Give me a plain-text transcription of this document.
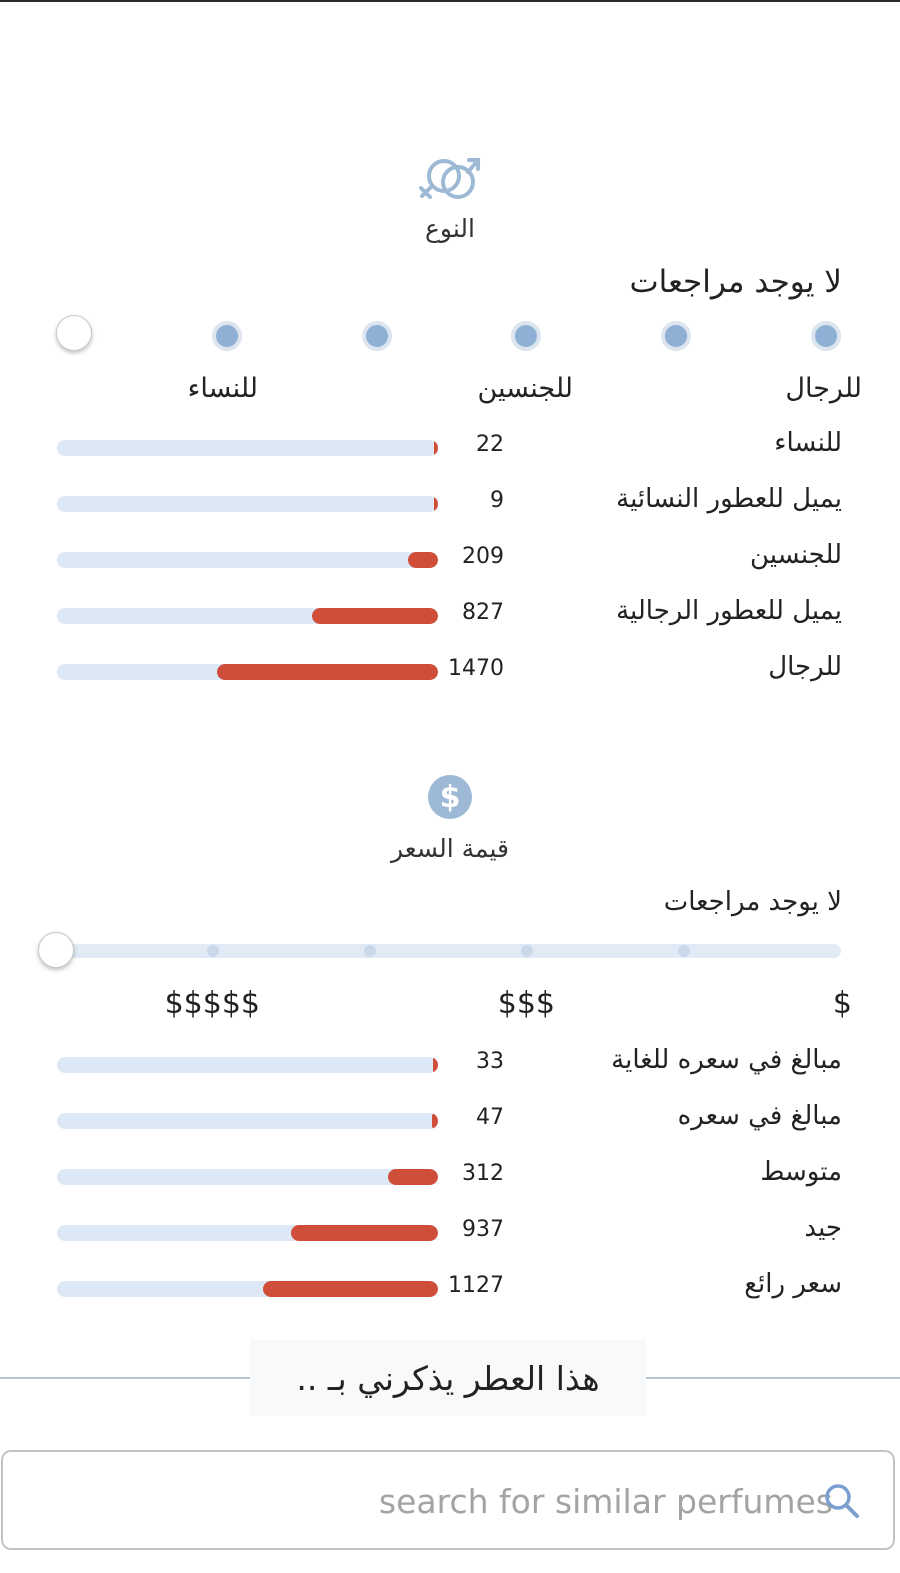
النوع
لا يوجد مراجعات
للرجال
للجنسين
للنساء
22	للنساء
9	يميل للعطور النسائية
209	للجنسين
827	يميل للعطور الرجالية
1470	للرجال
$
قيمة السعر
لا يوجد مراجعات
$
$$$
$$$$$
33	مبالغ في سعره للغاية
47	مبالغ في سعره
312	متوسط
937	جيد
1127	سعر رائع
هذا العطر يذكرني بـ ..
search for similar perfumes
